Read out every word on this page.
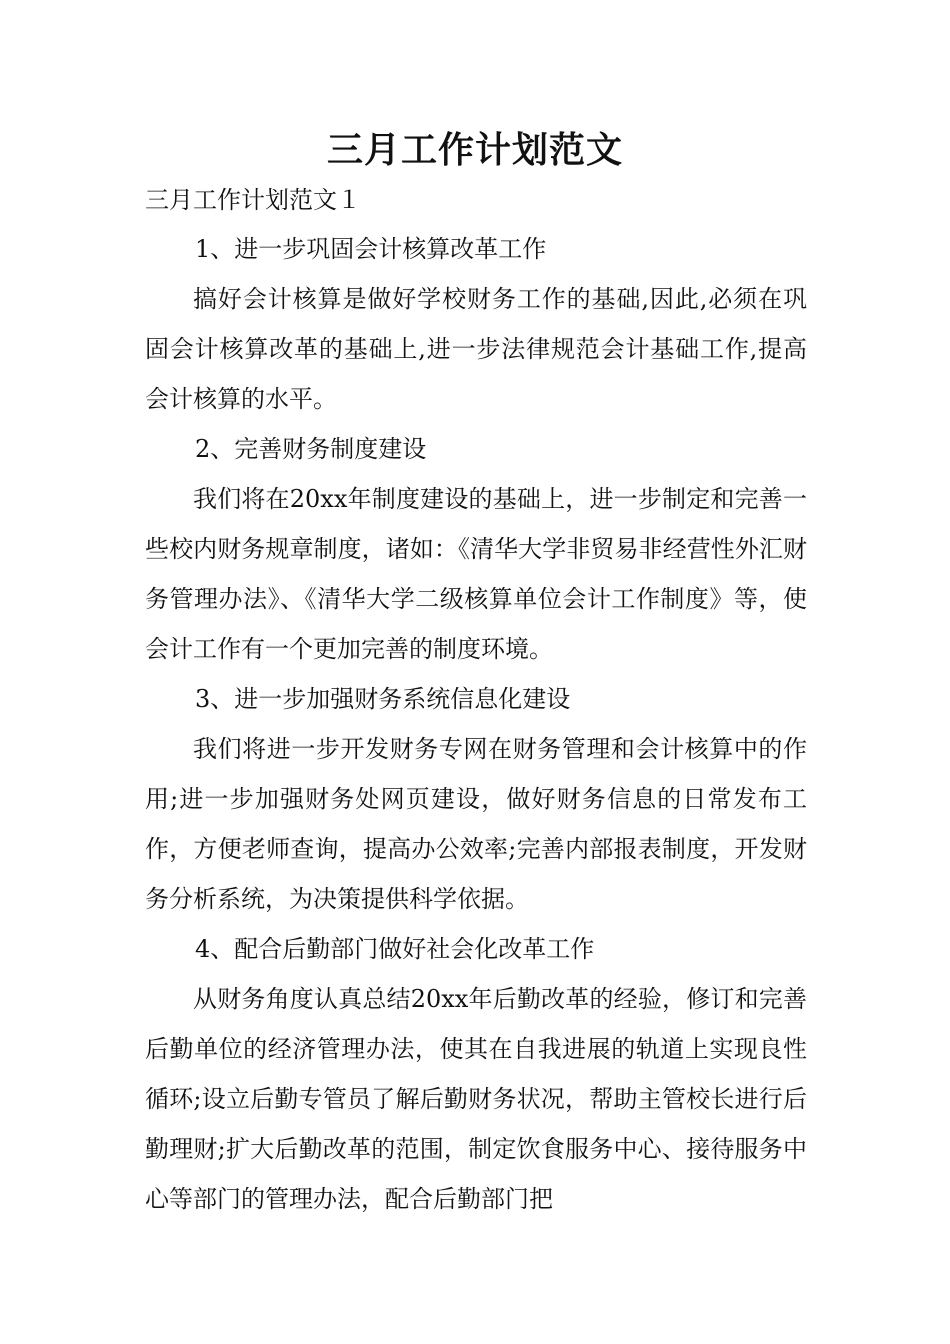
三月工作计划范文
三月工作计划范文１

1、进一步巩固会计核算改革工作

搞好会计核算是做好学校财务工作的基础,因此,必须在巩固会计核算改革的基础上,进一步法律规范会计基础工作,提高会计核算的水平。

2、完善财务制度建设

我们将在20xx年制度建设的基础上，进一步制定和完善一些校内财务规章制度，诸如：《清华大学非贸易非经营性外汇财务管理办法》、《清华大学二级核算单位会计工作制度》等，使会计工作有一个更加完善的制度环境。

3、进一步加强财务系统信息化建设

我们将进一步开发财务专网在财务管理和会计核算中的作用;进一步加强财务处网页建设，做好财务信息的日常发布工作，方便老师查询，提高办公效率;完善内部报表制度，开发财务分析系统，为决策提供科学依据。

4、配合后勤部门做好社会化改革工作

从财务角度认真总结20xx年后勤改革的经验，修订和完善后勤单位的经济管理办法，使其在自我进展的轨道上实现良性循环;设立后勤专管员了解后勤财务状况，帮助主管校长进行后勤理财;扩大后勤改革的范围，制定饮食服务中心、接待服务中心等部门的管理办法，配合后勤部门把
